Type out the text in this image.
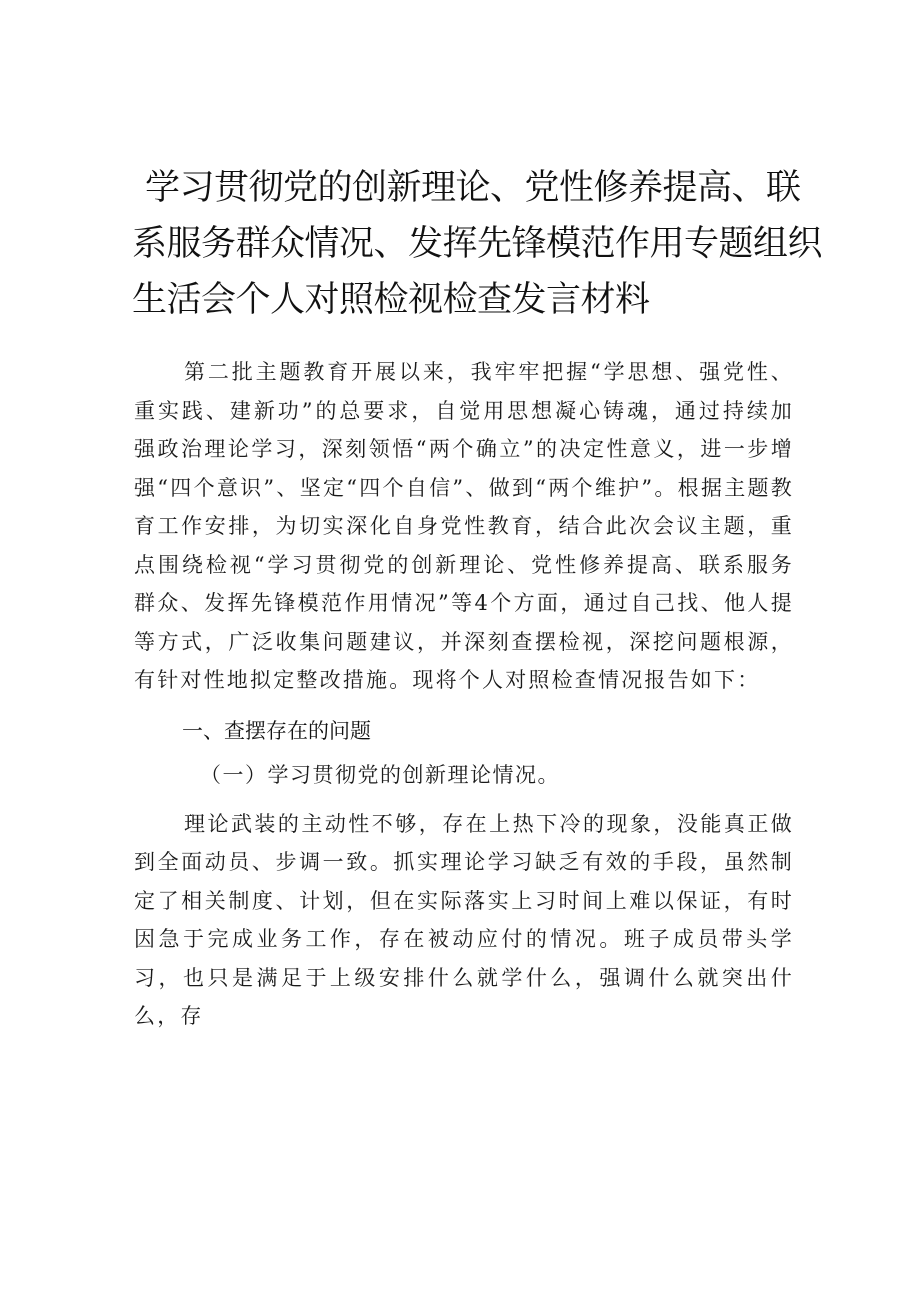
学习贯彻党的创新理论、党性修养提高、联
系服务群众情况、发挥先锋模范作用专题组织
生活会个人对照检视检查发言材料

第二批主题教育开展以来，我牢牢把握“学思想、强党性、重实践、建新功”的总要求，自觉用思想凝心铸魂，通过持续加强政治理论学习，深刻领悟“两个确立”的决定性意义，进一步增强“四个意识”、坚定“四个自信”、做到“两个维护”。根据主题教育工作安排，为切实深化自身党性教育，结合此次会议主题，重点围绕检视“学习贯彻党的创新理论、党性修养提高、联系服务群众、发挥先锋模范作用情况”等4个方面，通过自己找、他人提等方式，广泛收集问题建议，并深刻查摆检视，深挖问题根源，有针对性地拟定整改措施。现将个人对照检查情况报告如下：

一、查摆存在的问题
（一）学习贯彻党的创新理论情况。

理论武装的主动性不够，存在上热下冷的现象，没能真正做到全面动员、步调一致。抓实理论学习缺乏有效的手段，虽然制定了相关制度、计划，但在实际落实上习时间上难以保证，有时因急于完成业务工作，存在被动应付的情况。班子成员带头学习，也只是满足于上级安排什么就学什么，强调什么就突出什么，存
